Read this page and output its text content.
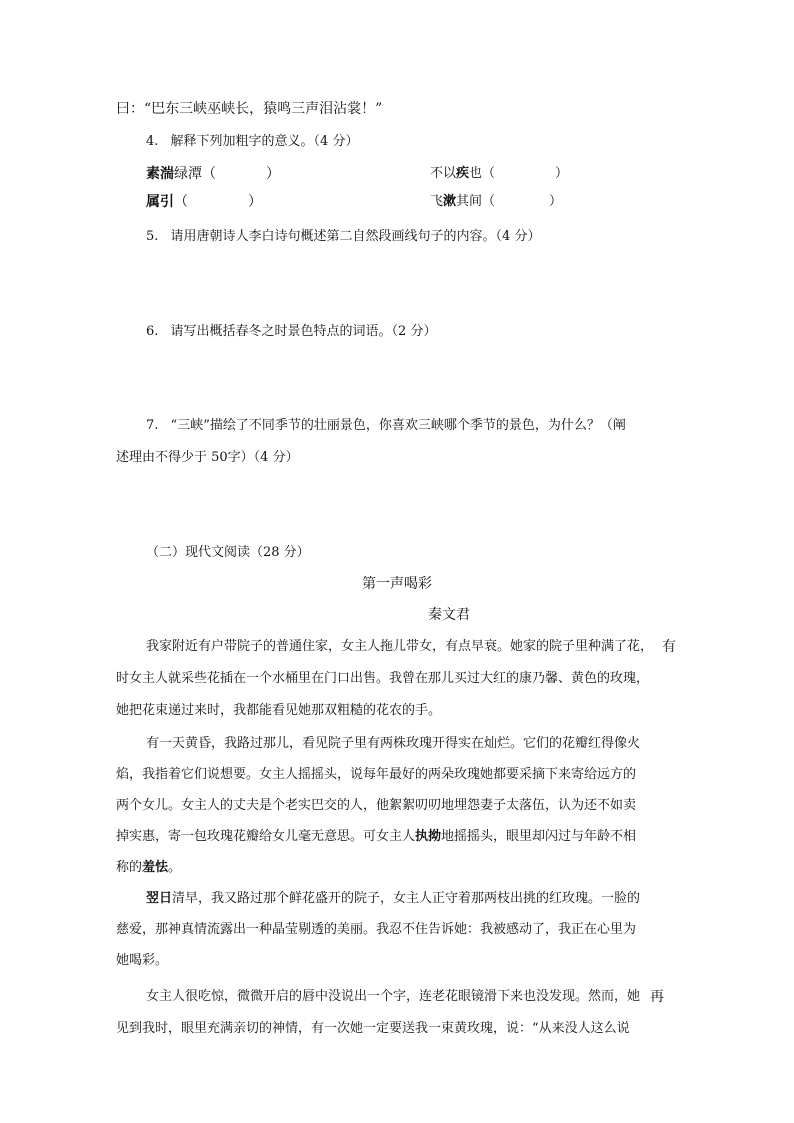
曰：“巴东三峡巫峡长，猿鸣三声泪沾裳！”
4. 解释下列加粗字的意义。（4 分）
素湍绿潭（	）	不以疾也（	）
属引（	）	飞漱其间（	）
5. 请用唐朝诗人李白诗句概述第二自然段画线句子的内容。（4 分）
6. 请写出概括春冬之时景色特点的词语。（2 分）
7. “三峡”描绘了不同季节的壮丽景色，你喜欢三峡哪个季节的景色，为什么？（阐
述理由不得少于 50字）（4 分）
（二）现代文阅读（28 分）
第一声喝彩
秦文君
我家附近有户带院子的普通住家，女主人拖儿带女，有点早衰。她家的院子里种满了花， 有
时女主人就采些花插在一个水桶里在门口出售。我曾在那儿买过大红的康乃馨、黄色的玫瑰，
她把花束递过来时，我都能看见她那双粗糙的花农的手。
有一天黄昏，我路过那儿，看见院子里有两株玫瑰开得实在灿烂。它们的花瓣红得像火
焰，我指着它们说想要。女主人摇摇头，说每年最好的两朵玫瑰她都要采摘下来寄给远方的
两个女儿。女主人的丈夫是个老实巴交的人，他絮絮叨叨地埋怨妻子太落伍，认为还不如卖
掉实惠，寄一包玫瑰花瓣给女儿毫无意思。可女主人执拗地摇摇头，眼里却闪过与年龄不相
称的羞怯。
翌日清早，我又路过那个鲜花盛开的院子，女主人正守着那两枝出挑的红玫瑰。一脸的
慈爱，那神真情流露出一种晶莹剔透的美丽。我忍不住告诉她：我被感动了，我正在心里为
她喝彩。
女主人很吃惊，微微开启的唇中没说出一个字，连老花眼镜滑下来也没发现。然而，她 再
见到我时，眼里充满亲切的神情，有一次她一定要送我一束黄玫瑰，说：“从来没人这么说
